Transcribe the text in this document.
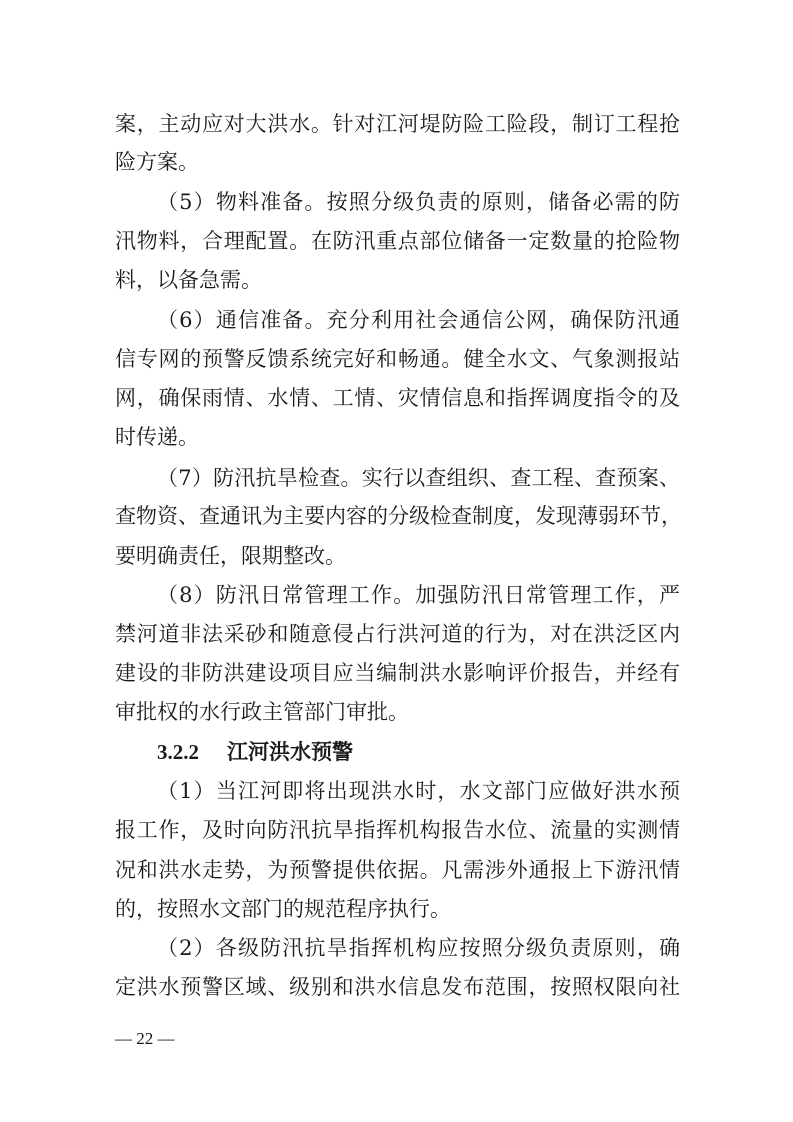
案，主动应对大洪水。针对江河堤防险工险段，制订工程抢
险方案。
（5）物料准备。按照分级负责的原则，储备必需的防
汛物料，合理配置。在防汛重点部位储备一定数量的抢险物
料，以备急需。
（6）通信准备。充分利用社会通信公网，确保防汛通
信专网的预警反馈系统完好和畅通。健全水文、气象测报站
网，确保雨情、水情、工情、灾情信息和指挥调度指令的及
时传递。
（7）防汛抗旱检查。实行以查组织、查工程、查预案、
查物资、查通讯为主要内容的分级检查制度，发现薄弱环节，
要明确责任，限期整改。
（8）防汛日常管理工作。加强防汛日常管理工作，严
禁河道非法采砂和随意侵占行洪河道的行为，对在洪泛区内
建设的非防洪建设项目应当编制洪水影响评价报告，并经有
审批权的水行政主管部门审批。
3.2.2 江河洪水预警
（1）当江河即将出现洪水时，水文部门应做好洪水预
报工作，及时向防汛抗旱指挥机构报告水位、流量的实测情
况和洪水走势，为预警提供依据。凡需涉外通报上下游汛情
的，按照水文部门的规范程序执行。
（2）各级防汛抗旱指挥机构应按照分级负责原则，确
定洪水预警区域、级别和洪水信息发布范围，按照权限向社
— 22 —
